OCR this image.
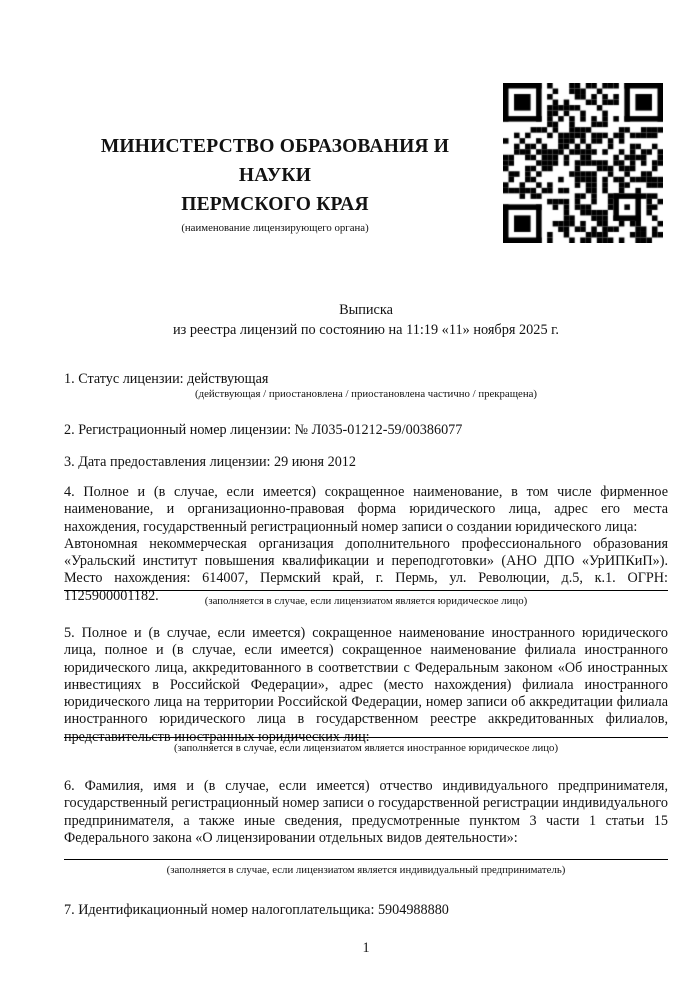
МИНИСТЕРСТВО ОБРАЗОВАНИЯ И НАУКИ
ПЕРМСКОГО КРАЯ
(наименование лицензирующего органа)
Выписка
из реестра лицензий по состоянию на 11:19 «11» ноября 2025 г.
1. Статус лицензии: действующая
(действующая / приостановлена / приостановлена частично / прекращена)
2. Регистрационный номер лицензии: № Л035-01212-59/00386077
3. Дата предоставления лицензии: 29 июня 2012

4. Полное и (в случае, если имеется) сокращенное наименование, в том числе фирменное наименование, и организационно-правовая форма юридического лица, адрес его места нахождения, государственный регистрационный номер записи о создании юридического лица:

Автономная некоммерческая организация дополнительного профессионального образования «Уральский институт повышения квалификации и переподготовки» (АНО ДПО «УрИПКиП»). Место нахождения: 614007, Пермский край, г. Пермь, ул. Революции, д.5, к.1. ОГРН: 1125900001182.	(заполняется в случае, если лицензиатом является юридическое лицо)

5. Полное и (в случае, если имеется) сокращенное наименование иностранного юридического лица, полное и (в случае, если имеется) сокращенное наименование филиала иностранного юридического лица, аккредитованного в соответствии с Федеральным законом «Об иностранных инвестициях в Российской Федерации», адрес (место нахождения) филиала иностранного юридического лица на территории Российской Федерации, номер записи об аккредитации филиала иностранного юридического лица в государственном реестре аккредитованных филиалов, представительств иностранных юридических лиц:

(заполняется в случае, если лицензиатом является иностранное юридическое лицо)

6. Фамилия, имя и (в случае, если имеется) отчество индивидуального предпринимателя, государственный регистрационный номер записи о государственной регистрации индивидуального предпринимателя, а также иные сведения, предусмотренные пунктом 3 части 1 статьи 15 Федерального закона «О лицензировании отдельных видов деятельности»:

(заполняется в случае, если лицензиатом является индивидуальный предприниматель)
7. Идентификационный номер налогоплательщика: 5904988880
1
